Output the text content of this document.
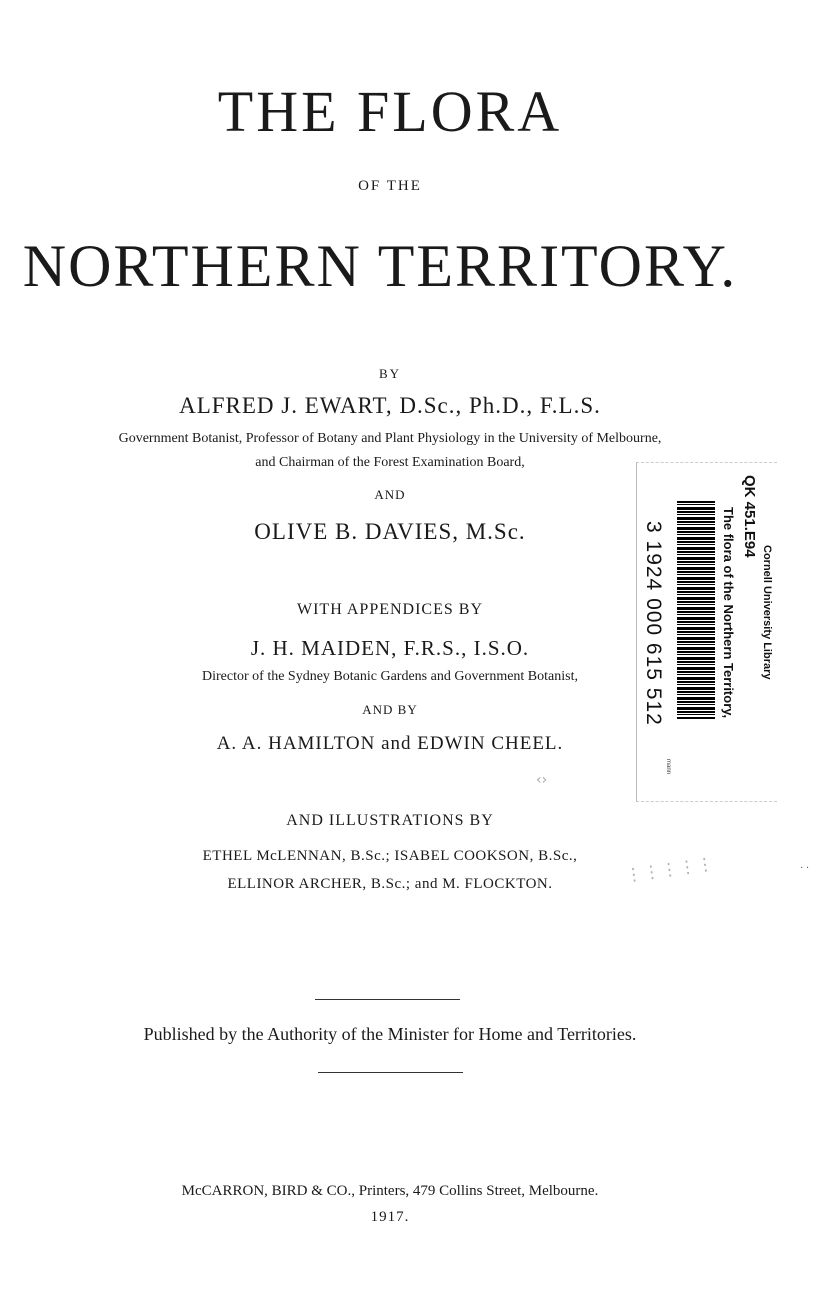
THE FLORA
OF THE
NORTHERN TERRITORY.
BY
ALFRED J. EWART, D.Sc., Ph.D., F.L.S.
Government Botanist, Professor of Botany and Plant Physiology in the University of Melbourne,
and Chairman of the Forest Examination Board,
AND
OLIVE B. DAVIES, M.Sc.
WITH APPENDICES BY
J. H. MAIDEN, F.R.S., I.S.O.
Director of the Sydney Botanic Gardens and Government Botanist,
AND BY
A. A. HAMILTON and EDWIN CHEEL.
AND ILLUSTRATIONS BY
ETHEL McLENNAN, B.Sc.; ISABEL COOKSON, B.Sc.,
ELLINOR ARCHER, B.Sc.; and M. FLOCKTON.
Published by the Authority of the Minister for Home and Territories.
McCARRON, BIRD & CO., Printers, 479 Collins Street, Melbourne.
1917.
3 1924 000 615 512	The flora of the Northern Territory, QK 451.E94
Cornell University Library
mann
‹›
⋮⋮⋮⋮⋮	· ·
